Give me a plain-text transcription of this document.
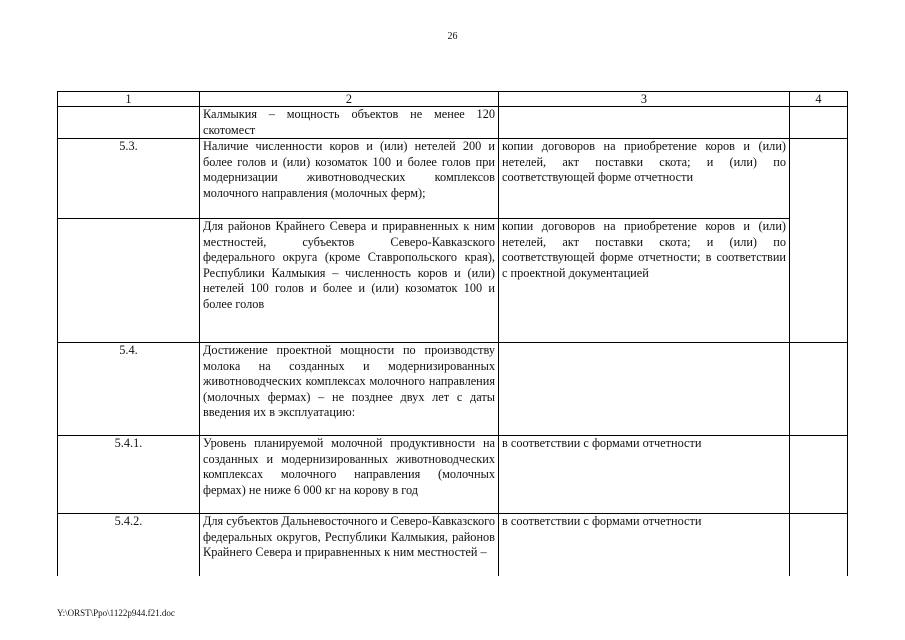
26
1	2	3	4
	Калмыкия – мощность объектов не менее 120 скотомест		
5.3.	Наличие численности коров и (или) нетелей 200 и более голов и (или) козоматок 100 и более голов при модернизации животноводческих комплексов молочного направления (молочных ферм);	копии договоров на приобретение коров и (или) нетелей, акт поставки скота; и (или) по соответствующей форме отчетности	
	Для районов Крайнего Севера и приравненных к ним местностей, субъектов Северо-Кавказского федерального округа (кроме Ставропольского края), Республики Калмыкия – численность коров и (или) нетелей 100 голов и более и (или) козоматок 100 и более голов	копии договоров на приобретение коров и (или) нетелей, акт поставки скота; и (или) по соответствующей форме отчетности; в соответствии с проектной документацией	
5.4.	Достижение проектной мощности по производству молока на созданных и модернизированных животноводческих комплексах молочного направления (молочных фермах) – не позднее двух лет с даты введения их в эксплуатацию:		
5.4.1.	Уровень планируемой молочной продуктивности на созданных и модернизированных животноводческих комплексах молочного направления (молочных фермах) не ниже 6 000 кг на корову в год	в соответствии с формами отчетности	
5.4.2.	Для субъектов Дальневосточного и Северо-Кавказского федеральных округов, Республики Калмыкия, районов Крайнего Севера и приравненных к ним местностей –	в соответствии с формами отчетности	
Y:\ORST\Ppo\1122p944.f21.doc
